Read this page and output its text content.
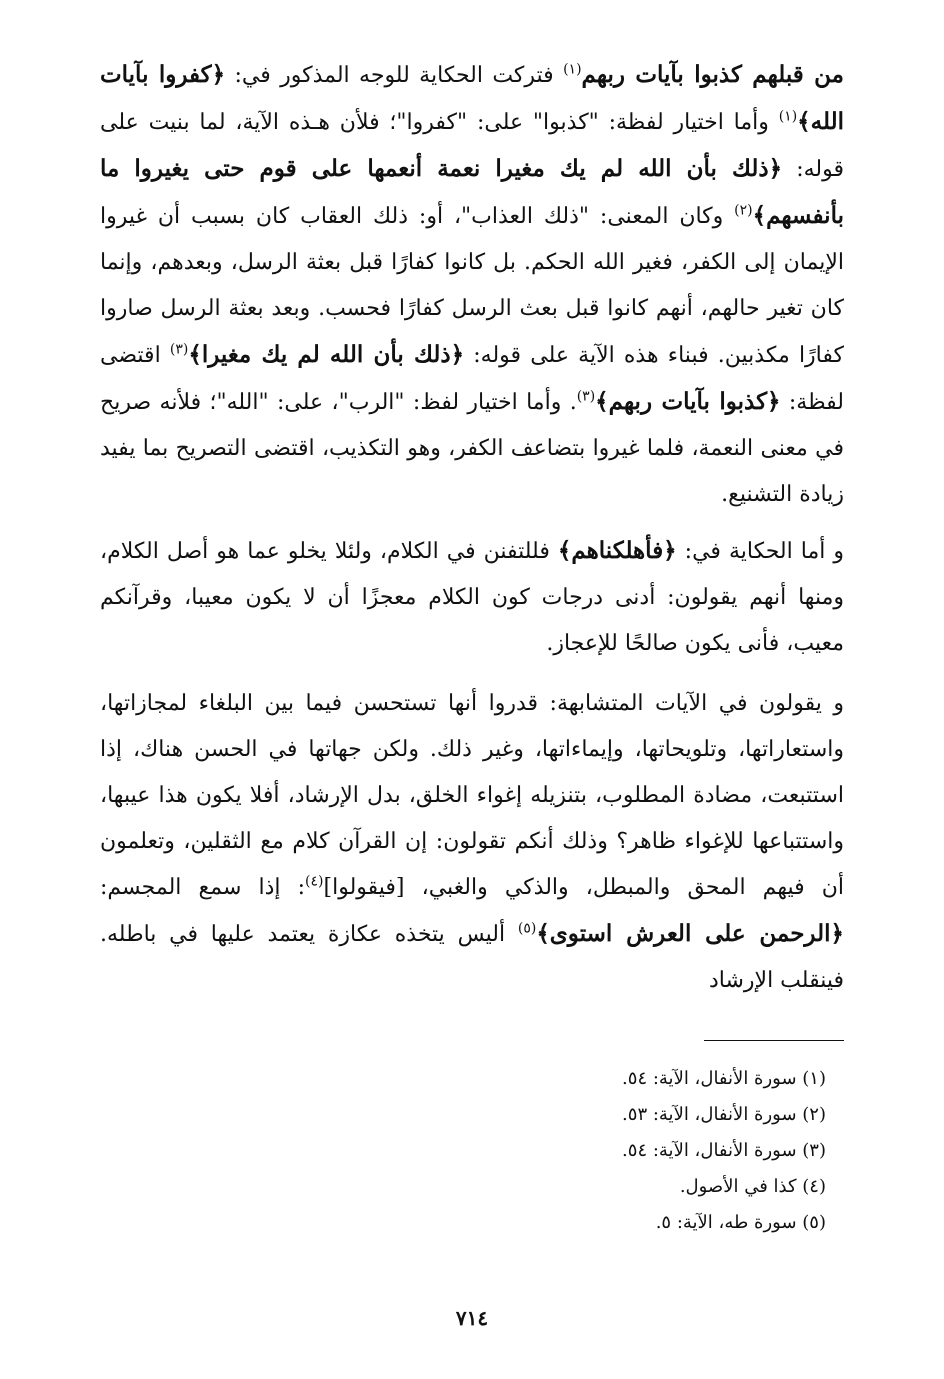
من قبلهم كذبوا بآيات ربهم$^{(١)}$ فتركت الحكاية للوجه المذكور في: ﴿كفروا بآيات الله﴾$^{(١)}$ وأما اختيار لفظة: "كذبوا" على: "كفروا"؛ فلأن هـذه الآية، لما بنيت على قوله: ﴿ذلك بأن الله لم يك مغيرا نعمة أنعمها على قوم حتى يغيروا ما بأنفسهم﴾$^{(٢)}$ وكان المعنى: "ذلك العذاب"، أو: ذلك العقاب كان بسبب أن غيروا الإيمان إلى الكفر، فغير الله الحكم. بل كانوا كفارًا قبل بعثة الرسل، وبعدهم، وإنما كان تغير حالهم، أنهم كانوا قبل بعث الرسل كفارًا فحسب. وبعد بعثة الرسل صاروا كفارًا مكذبين. فبناء هذه الآية على قوله: ﴿ذلك بأن الله لم يك مغيرا﴾$^{(٣)}$ اقتضى لفظة: ﴿كذبوا بآيات ربهم﴾$^{(٣)}$. وأما اختيار لفظ: "الرب"، على: "الله"؛ فلأنه صريح في معنى النعمة، فلما غيروا بتضاعف الكفر، وهو التكذيب، اقتضى التصريح بما يفيد زيادة التشنيع.

و أما الحكاية في: ﴿فأهلكناهم﴾ فللتفنن في الكلام، ولئلا يخلو عما هو أصل الكلام، ومنها أنهم يقولون: أدنى درجات كون الكلام معجزًا أن لا يكون معيبا، وقرآنكم معيب، فأنى يكون صالحًا للإعجاز.

و يقولون في الآيات المتشابهة: قدروا أنها تستحسن فيما بين البلغاء لمجازاتها، واستعاراتها، وتلويحاتها، وإيماءاتها، وغير ذلك. ولكن جهاتها في الحسن هناك، إذا استتبعت، مضادة المطلوب، بتنزيله إغواء الخلق، بدل الإرشاد، أفلا يكون هذا عيبها، واستتباعها للإغواء ظاهر؟ وذلك أنكم تقولون: إن القرآن كلام مع الثقلين، وتعلمون أن فيهم المحق والمبطل، والذكي والغبي، [فيقولوا]$^{(٤)}$: إذا سمع المجسم: ﴿الرحمن على العرش استوى﴾$^{(٥)}$ أليس يتخذه عكازة يعتمد عليها في باطله. فينقلب الإرشاد

(١) سورة الأنفال، الآية: ٥٤.
(٢) سورة الأنفال، الآية: ٥٣.
(٣) سورة الأنفال، الآية: ٥٤.
(٤) كذا في الأصول.
(٥) سورة طه، الآية: ٥.
٧١٤
